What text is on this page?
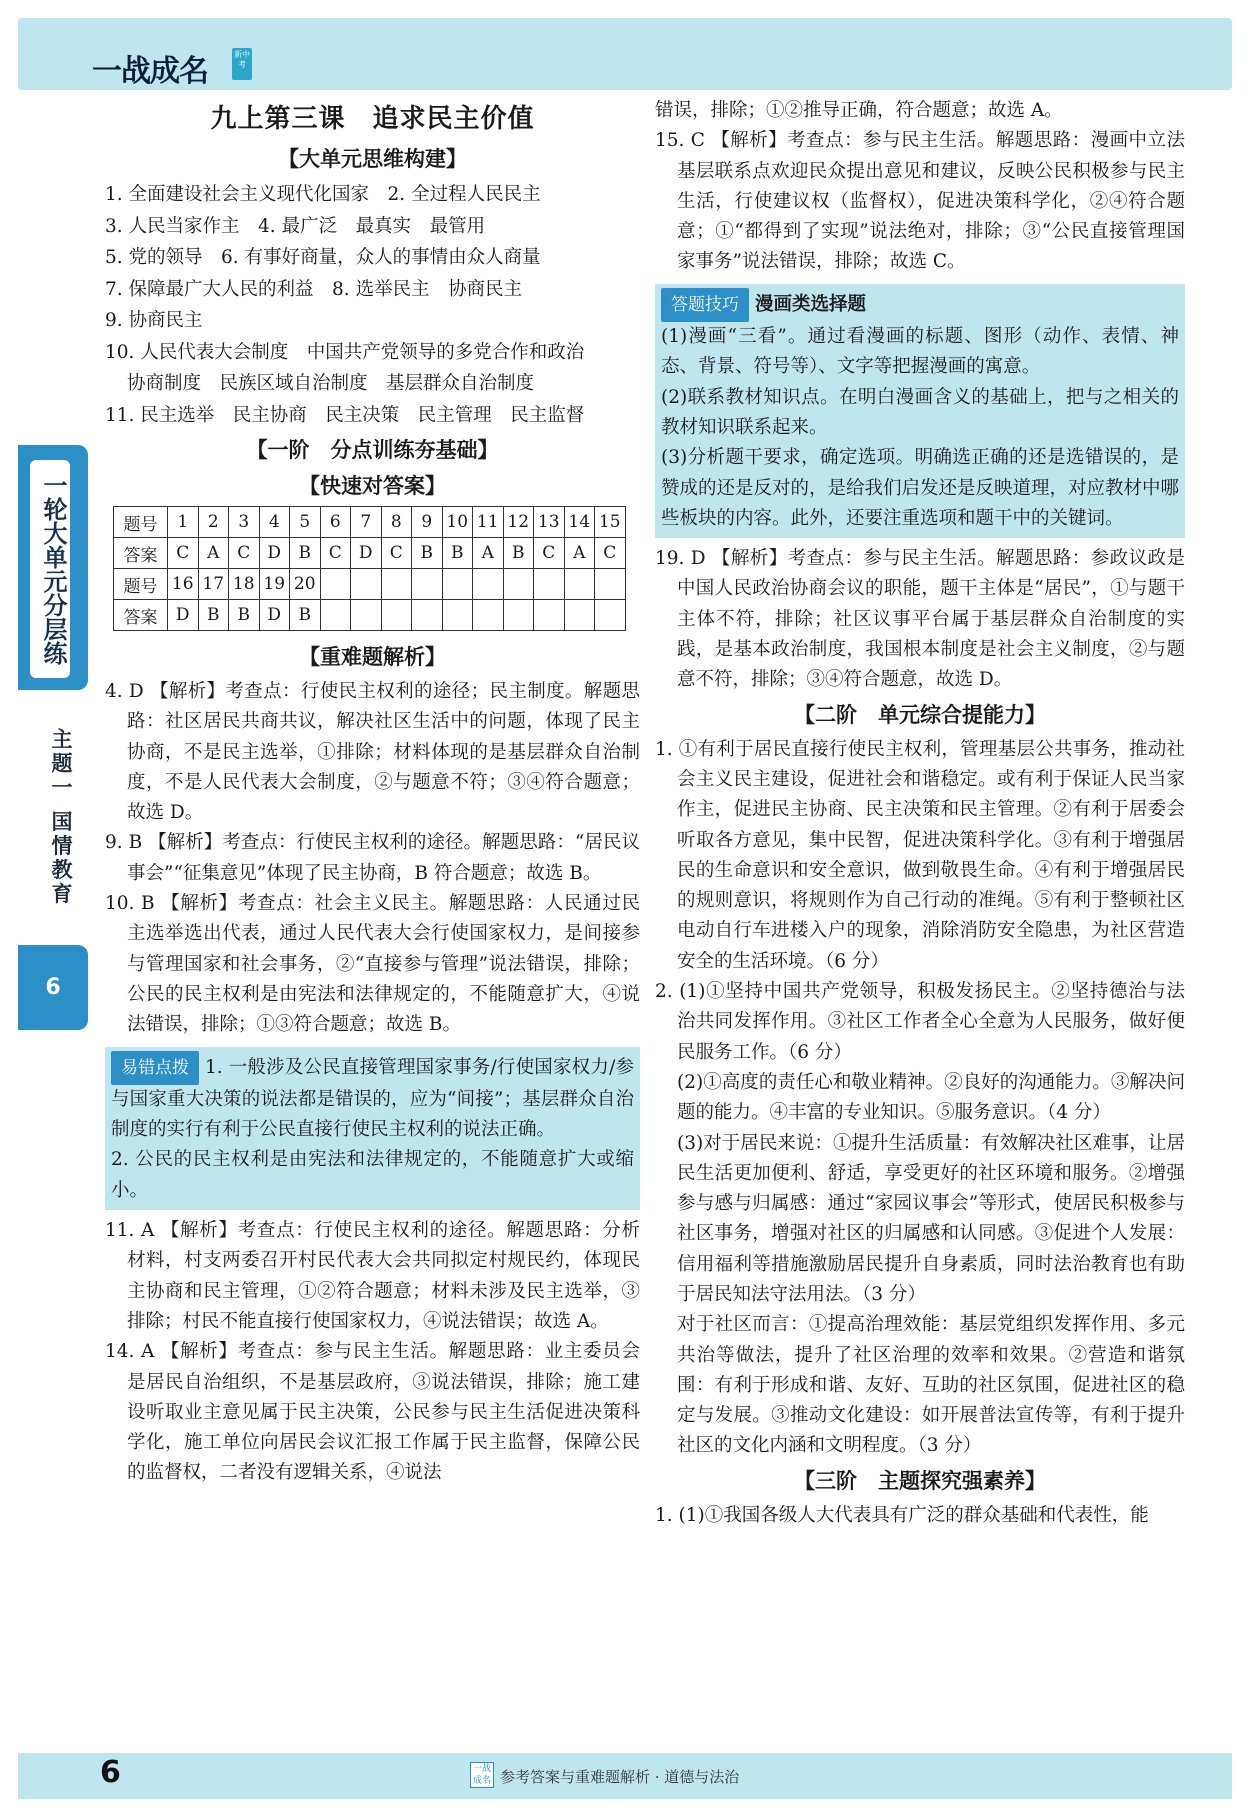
一战成名	新中考
一轮大单元分层练
主题一 国情教育
6
九上第三课　追求民主价值
【大单元思维构建】
1. 全面建设社会主义现代化国家　2. 全过程人民民主
3. 人民当家作主　4. 最广泛　最真实　最管用
5. 党的领导　6. 有事好商量，众人的事情由众人商量
7. 保障最广大人民的利益　8. 选举民主　协商民主
9. 协商民主
10. 人民代表大会制度　中国共产党领导的多党合作和政治
协商制度　民族区域自治制度　基层群众自治制度
11. 民主选举　民主协商　民主决策　民主管理　民主监督
【一阶　分点训练夯基础】
【快速对答案】
题号	1	2	3	4	5	6	7	8	9	10	11	12	13	14	15
答案	C	A	C	D	B	C	D	C	B	B	A	B	C	A	C
题号	16	17	18	19	20										
答案	D	B	B	D	B										
【重难题解析】
4. D 【解析】考查点：行使民主权利的途径；民主制度。解题思路：社区居民共商共议，解决社区生活中的问题，体现了民主协商，不是民主选举，①排除；材料体现的是基层群众自治制度，不是人民代表大会制度，②与题意不符；③④符合题意；故选 D。
9. B 【解析】考查点：行使民主权利的途径。解题思路：“居民议事会”“征集意见”体现了民主协商，B 符合题意；故选 B。
10. B 【解析】考查点：社会主义民主。解题思路：人民通过民主选举选出代表，通过人民代表大会行使国家权力，是间接参与管理国家和社会事务，②“直接参与管理”说法错误，排除；公民的民主权利是由宪法和法律规定的，不能随意扩大，④说法错误，排除；①③符合题意；故选 B。
易错点拨 1. 一般涉及公民直接管理国家事务/行使国家权力/参与国家重大决策的说法都是错误的，应为“间接”；基层群众自治制度的实行有利于公民直接行使民主权利的说法正确。
2. 公民的民主权利是由宪法和法律规定的，不能随意扩大或缩小。
11. A 【解析】考查点：行使民主权利的途径。解题思路：分析材料，村支两委召开村民代表大会共同拟定村规民约，体现民主协商和民主管理，①②符合题意；材料未涉及民主选举，③排除；村民不能直接行使国家权力，④说法错误；故选 A。
14. A 【解析】考查点：参与民主生活。解题思路：业主委员会是居民自治组织，不是基层政府，③说法错误，排除；施工建设听取业主意见属于民主决策，公民参与民主生活促进决策科学化，施工单位向居民会议汇报工作属于民主监督，保障公民的监督权，二者没有逻辑关系，④说法
错误，排除；①②推导正确，符合题意；故选 A。
15. C 【解析】考查点：参与民主生活。解题思路：漫画中立法基层联系点欢迎民众提出意见和建议，反映公民积极参与民主生活，行使建议权（监督权），促进决策科学化，②④符合题意；①“都得到了实现”说法绝对，排除；③“公民直接管理国家事务”说法错误，排除；故选 C。
答题技巧 漫画类选择题
(1)漫画“三看”。通过看漫画的标题、图形（动作、表情、神态、背景、符号等）、文字等把握漫画的寓意。
(2)联系教材知识点。在明白漫画含义的基础上，把与之相关的教材知识联系起来。
(3)分析题干要求，确定选项。明确选正确的还是选错误的，是赞成的还是反对的，是给我们启发还是反映道理，对应教材中哪些板块的内容。此外，还要注重选项和题干中的关键词。
19. D 【解析】考查点：参与民主生活。解题思路：参政议政是中国人民政治协商会议的职能，题干主体是“居民”，①与题干主体不符，排除；社区议事平台属于基层群众自治制度的实践，是基本政治制度，我国根本制度是社会主义制度，②与题意不符，排除；③④符合题意，故选 D。
【二阶　单元综合提能力】
1. ①有利于居民直接行使民主权利，管理基层公共事务，推动社会主义民主建设，促进社会和谐稳定。或有利于保证人民当家作主，促进民主协商、民主决策和民主管理。②有利于居委会听取各方意见，集中民智，促进决策科学化。③有利于增强居民的生命意识和安全意识，做到敬畏生命。④有利于增强居民的规则意识，将规则作为自己行动的准绳。⑤有利于整顿社区电动自行车进楼入户的现象，消除消防安全隐患，为社区营造安全的生活环境。（6 分）
2. (1)①坚持中国共产党领导，积极发扬民主。②坚持德治与法治共同发挥作用。③社区工作者全心全意为人民服务，做好便民服务工作。（6 分）
(2)①高度的责任心和敬业精神。②良好的沟通能力。③解决问题的能力。④丰富的专业知识。⑤服务意识。（4 分）
(3)对于居民来说：①提升生活质量：有效解决社区难事，让居民生活更加便利、舒适，享受更好的社区环境和服务。②增强参与感与归属感：通过“家园议事会”等形式，使居民积极参与社区事务，增强对社区的归属感和认同感。③促进个人发展：信用福利等措施激励居民提升自身素质，同时法治教育也有助于居民知法守法用法。（3 分）
对于社区而言：①提高治理效能：基层党组织发挥作用、多元共治等做法，提升了社区治理的效率和效果。②营造和谐氛围：有利于形成和谐、友好、互助的社区氛围，促进社区的稳定与发展。③推动文化建设：如开展普法宣传等，有利于提升社区的文化内涵和文明程度。（3 分）
【三阶　主题探究强素养】
1. (1)①我国各级人大代表具有广泛的群众基础和代表性，能
6	一战成名 参考答案与重难题解析 · 道德与法治
